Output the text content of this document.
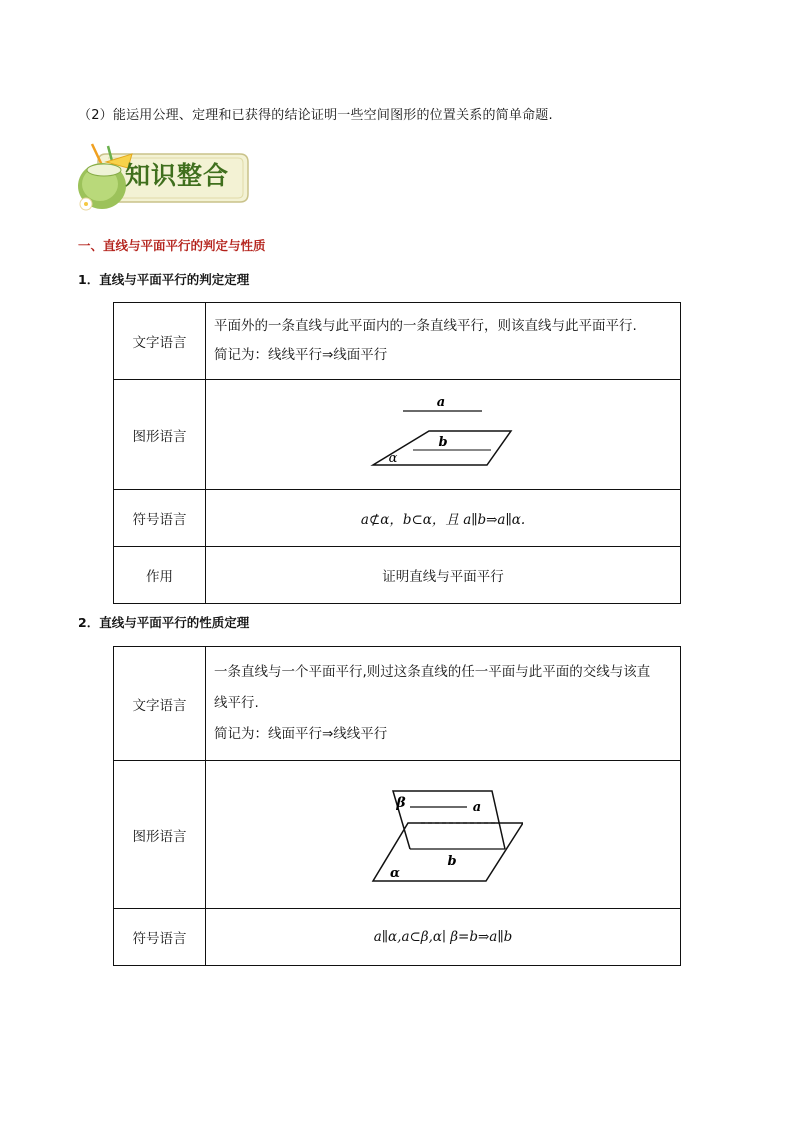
（2）能运用公理、定理和已获得的结论证明一些空间图形的位置关系的简单命题.
知识整合
一、直线与平面平行的判定与性质
1．直线与平面平行的判定定理
文字语言	平面外的一条直线与此平面内的一条直线平行，则该直线与此平面平行.
简记为：线线平行⇒线面平行

图形语言	a
b
α

符号语言	a⊄α，b⊂α，且 a∥b⇒a∥α.
作用	证明直线与平面平行
2．直线与平面平行的性质定理
文字语言	一条直线与一个平面平行,则过这条直线的任一平面与此平面的交线与该直
线平行.
简记为：线面平行⇒线线平行

图形语言	a
β
b
α

符号语言	a∥α,a⊂β,α∣ β=b⇒a∥b
